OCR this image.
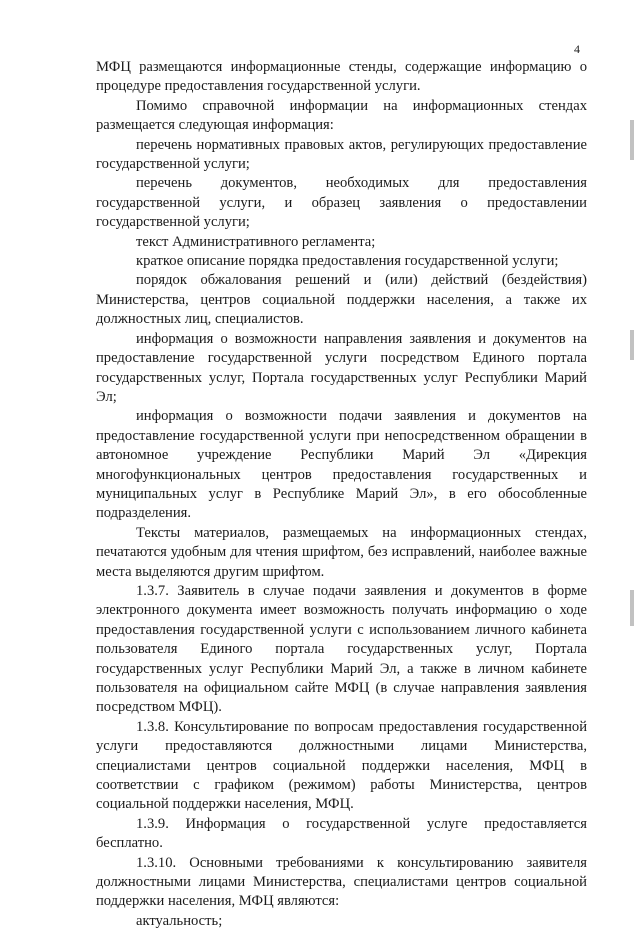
4

МФЦ размещаются информационные стенды, содержащие информацию о процедуре предоставления государственной услуги.

Помимо справочной информации на информационных стендах размещается следующая информация:

перечень нормативных правовых актов, регулирующих предоставление государственной услуги;

перечень документов, необходимых для предоставления государственной услуги, и образец заявления о предоставлении государственной услуги;

текст Административного регламента;

краткое описание порядка предоставления государственной услуги;

порядок обжалования решений и (или) действий (бездействия) Министерства, центров социальной поддержки населения, а также их должностных лиц, специалистов.

информация о возможности направления заявления и документов на предоставление государственной услуги посредством Единого портала государственных услуг, Портала государственных услуг Республики Марий Эл;

информация о возможности подачи заявления и документов на предоставление государственной услуги при непосредственном обращении в автономное учреждение Республики Марий Эл «Дирекция многофункциональных центров предоставления государственных и муниципальных услуг в Республике Марий Эл», в его обособленные подразделения.

Тексты материалов, размещаемых на информационных стендах, печатаются удобным для чтения шрифтом, без исправлений, наиболее важные места выделяются другим шрифтом.

1.3.7. Заявитель в случае подачи заявления и документов в форме электронного документа имеет возможность получать информацию о ходе предоставления государственной услуги с использованием личного кабинета пользователя Единого портала государственных услуг, Портала государственных услуг Республики Марий Эл, а также в личном кабинете пользователя на официальном сайте МФЦ (в случае направления заявления посредством МФЦ).

1.3.8. Консультирование по вопросам предоставления государственной услуги предоставляются должностными лицами Министерства, специалистами центров социальной поддержки населения, МФЦ в соответствии с графиком (режимом) работы Министерства, центров социальной поддержки населения, МФЦ.

1.3.9. Информация о государственной услуге предоставляется бесплатно.

1.3.10. Основными требованиями к консультированию заявителя должностными лицами Министерства, специалистами центров социальной поддержки населения, МФЦ являются:

актуальность;
